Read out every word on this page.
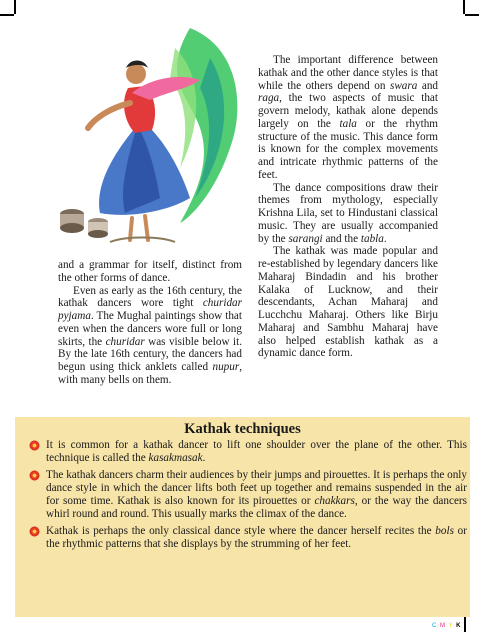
and a grammar for itself, distinct from the other forms of dance.

Even as early as the 16th century, the kathak dancers wore tight churidar pyjama. The Mughal paintings show that even when the dancers wore full or long skirts, the churidar was visible below it. By the late 16th century, the dancers had begun using thick anklets called nupur, with many bells on them.

The important difference between kathak and the other dance styles is that while the others depend on swara and raga, the two aspects of music that govern melody, kathak alone depends largely on the tala or the rhythm structure of the music. This dance form is known for the complex movements and intricate rhythmic patterns of the feet.

The dance compositions draw their themes from mythology, especially Krishna Lila, set to Hindustani classical music. They are usually accompanied by the sarangi and the tabla.

The kathak was made popular and re-established by legendary dancers like Maharaj Bindadin and his brother Kalaka of Lucknow, and their descendants, Achan Maharaj and Lucchchu Maharaj. Others like Birju Maharaj and Sambhu Maharaj have also helped establish kathak as a dynamic dance form.

Kathak techniques
It is common for a kathak dancer to lift one shoulder over the plane of the other. This technique is called the kasakmasak.
The kathak dancers charm their audiences by their jumps and pirouettes. It is perhaps the only dance style in which the dancer lifts both feet up together and remains suspended in the air for some time. Kathak is also known for its pirouettes or chakkars, or the way the dancers whirl round and round. This usually marks the climax of the dance.
Kathak is perhaps the only classical dance style where the dancer herself recites the bols or the rhythmic patterns that she displays by the strumming of her feet.
C M Y K
